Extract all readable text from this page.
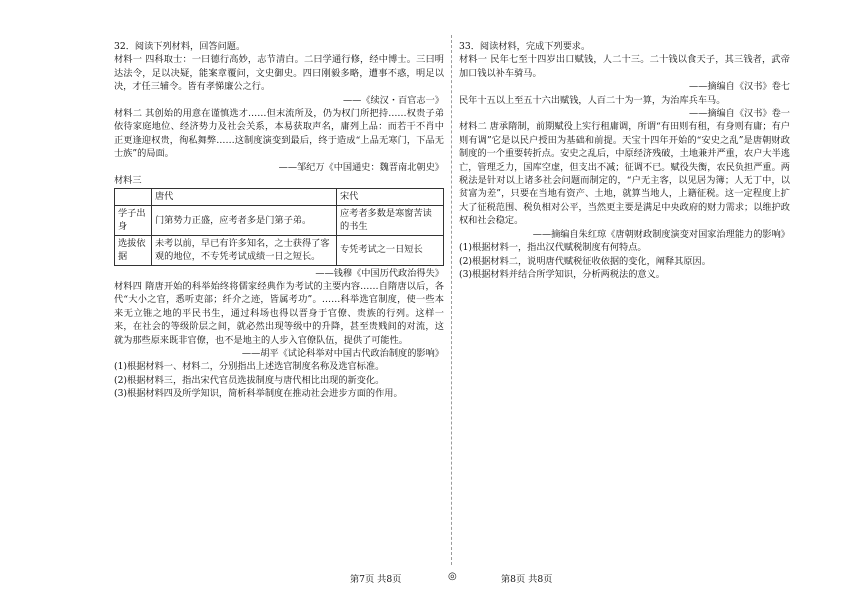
32．阅读下列材料，回答问题。

材料一 四科取士：一曰德行高妙，志节清白。二曰学通行修，经中博士。三曰明达法令，足以决疑，能案章覆问，文史御史。四曰刚毅多略，遭事不惑，明足以决，才任三辅令。皆有孝悌廉公之行。

——《续汉・百官志一》

材料二 其创始的用意在谨慎选才……但末流所及，仍为权门所把持……权贵子弟依待家庭地位、经济势力及社会关系，本易获取声名，庸列上品：而若干不肖中正更逢迎权贵，徇私舞弊……这制度演变到最后，终于造成“上品无寒门，下品无士族”的局面。

——邹纪万《中国通史：魏晋南北朝史》

材料三

	唐代	宋代
学子出身	门第势力正盛，应考者多是门第子弟。	应考者多数是寒窗苦读的书生
选拔依据	未考以前，早已有许多知名，之士获得了客观的地位，不专凭考试成绩一日之短长。	专凭考试之一日短长

——钱穆《中国历代政治得失》

材料四 隋唐开始的科举始终将儒家经典作为考试的主要内容……自隋唐以后，各代“大小之官，悉听吏部；纤介之迹，皆属考功”。……科举选官制度，使一些本来无立锥之地的平民书生，通过科场也得以晋身于官僚、贵族的行列。这样一来，在社会的等级阶层之间，就必然出现等级中的升降，甚至贵贱间的对流，这就为那些原来既非官僚，也不是地主的人步入官僚队伍，提供了可能性。

——胡平《试论科举对中国古代政治制度的影响》

(1)根据材料一、材料二，分别指出上述选官制度名称及选官标准。

(2)根据材料三，指出宋代官员选拔制度与唐代相比出现的新变化。

(3)根据材料四及所学知识，简析科举制度在推动社会进步方面的作用。

33．阅读材料，完成下列要求。

材料一 民年七至十四岁出口赋钱，人二十三。二十钱以食天子，其三钱者，武帝加口钱以补车骑马。

——摘编自《汉书》卷七

民年十五以上至五十六出赋钱，人百二十为一算，为治库兵车马。

——摘编自《汉书》卷一

材料二 唐承隋制，前期赋役上实行租庸调，所谓“有田则有租，有身则有庸；有户则有调”它是以民户授田为基础和前提。天宝十四年开始的“安史之乱”是唐朝财政制度的一个重要转折点。安史之乱后，中原经济残破，土地兼并严重，农户大半逃亡，管理乏力，国库空虚，但支出不减；征调不已。赋役失衡，农民负担严重。两税法是针对以上诸多社会问题而制定的，“户无主客，以见居为簿；人无丁中，以贫富为差”，只要在当地有资产、土地，就算当地人，上籍征税。这一定程度上扩大了征税范围、税负相对公平，当然更主要是满足中央政府的财力需求；以维护政权和社会稳定。

——摘编自朱红琼《唐朝财政制度演变对国家治理能力的影响》

(1)根据材料一，指出汉代赋税制度有何特点。

(2)根据材料二，说明唐代赋税征收依据的变化，阐释其原因。

(3)根据材料并结合所学知识，分析两税法的意义。

第7页 共8页	◎	第8页 共8页
